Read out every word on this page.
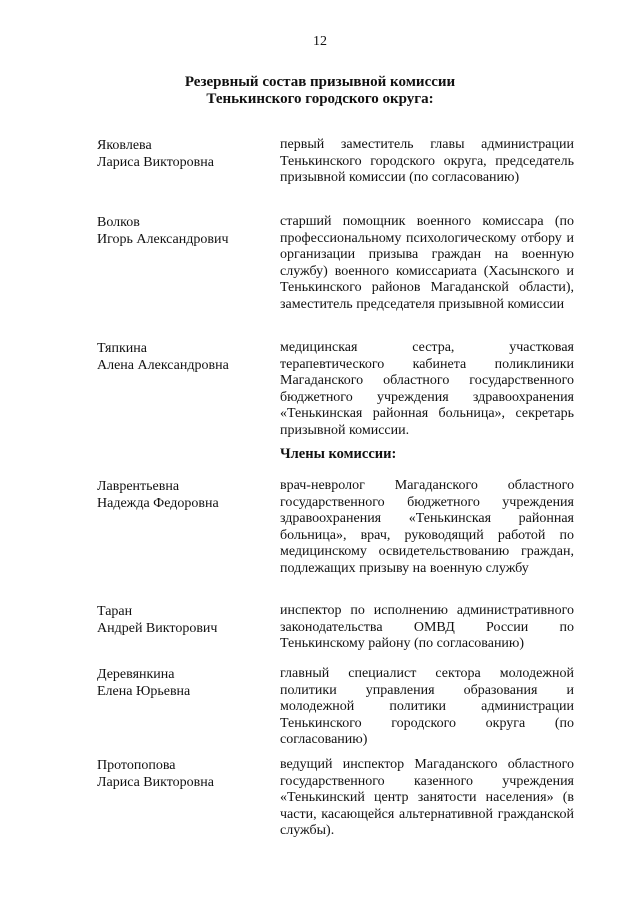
12
Резервный состав призывной комиссии
Тенькинского городского округа:
Яковлева
Лариса Викторовна
первый заместитель главы администрации Тенькинского городского округа, председатель призывной комиссии (по согласованию)
Волков
Игорь Александрович
старший помощник военного комиссара (по профессиональному психологическому отбору и организации призыва граждан на военную службу) военного комиссариата (Хасынского и Тенькинского районов Магаданской области), заместитель председателя призывной комиссии
Тяпкина
Алена Александровна
медицинская сестра, участковая терапевтического кабинета поликлиники Магаданского областного государственного бюджетного учреждения здравоохранения «Тенькинская районная больница», секретарь призывной комиссии.
Члены комиссии:
Лаврентьевна
Надежда Федоровна
врач-невролог Магаданского областного государственного бюджетного учреждения здравоохранения «Тенькинская районная больница», врач, руководящий работой по медицинскому освидетельствованию граждан, подлежащих призыву на военную службу
Таран
Андрей Викторович
инспектор по исполнению административного законодательства ОМВД России по Тенькинскому району (по согласованию)
Деревянкина
Елена Юрьевна
главный специалист сектора молодежной политики управления образования и молодежной политики администрации Тенькинского городского округа (по согласованию)
Протопопова
Лариса Викторовна
ведущий инспектор Магаданского областного государственного казенного учреждения «Тенькинский центр занятости населения» (в части, касающейся альтернативной гражданской службы).
